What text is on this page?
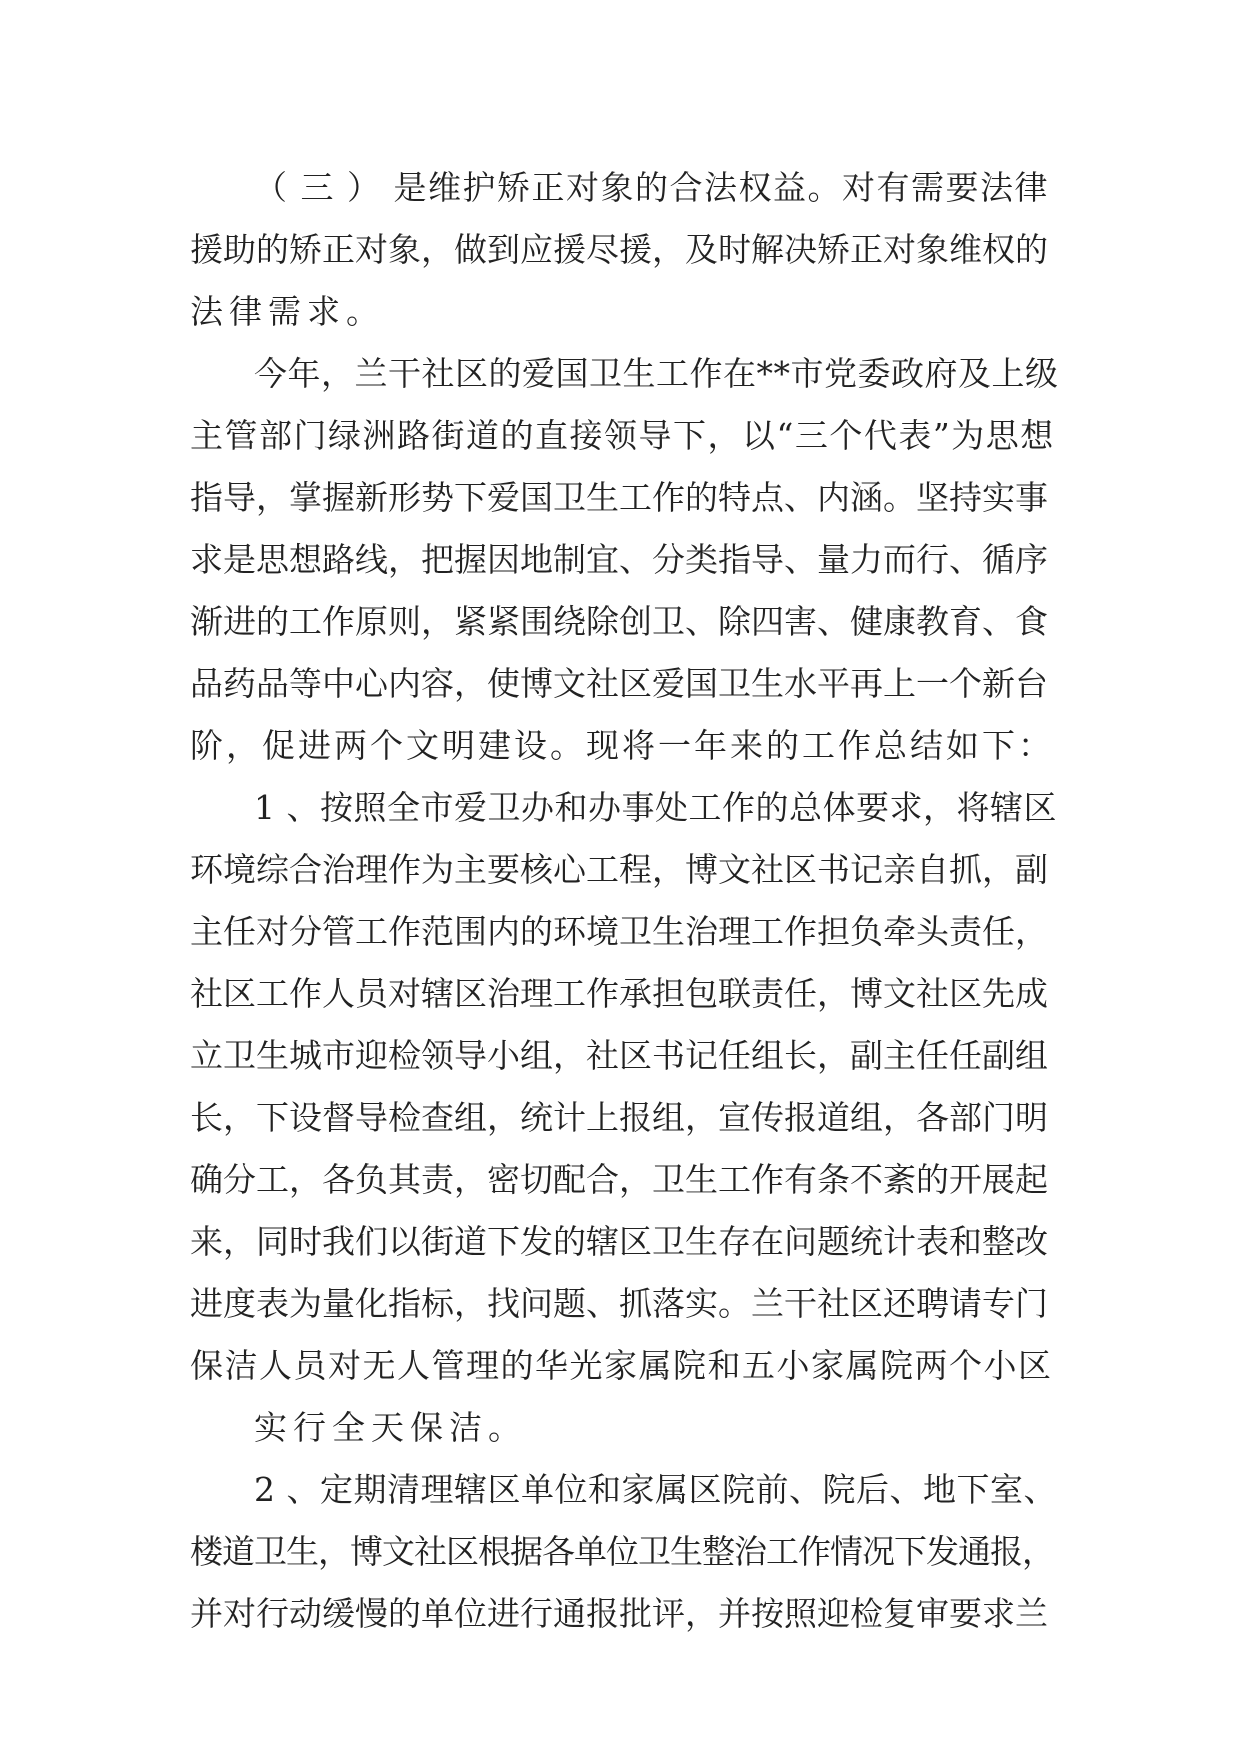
（ 三 ） 是维护矫正对象的合法权益。对有需要法律
援助的矫正对象，做到应援尽援，及时解决矫正对象维权的
法律需求。
今年，兰干社区的爱国卫生工作在**市党委政府及上级
主管部门绿洲路街道的直接领导下，以“三个代表”为思想
指导，掌握新形势下爱国卫生工作的特点、内涵。坚持实事
求是思想路线，把握因地制宜、分类指导、量力而行、循序
渐进的工作原则，紧紧围绕除创卫、除四害、健康教育、食
品药品等中心内容，使博文社区爱国卫生水平再上一个新台
阶，促进两个文明建设。现将一年来的工作总结如下：
1 、按照全市爱卫办和办事处工作的总体要求，将辖区
环境综合治理作为主要核心工程，博文社区书记亲自抓，副
主任对分管工作范围内的环境卫生治理工作担负牵头责任，
社区工作人员对辖区治理工作承担包联责任，博文社区先成
立卫生城市迎检领导小组，社区书记任组长，副主任任副组
长，下设督导检查组，统计上报组，宣传报道组，各部门明
确分工，各负其责，密切配合，卫生工作有条不紊的开展起
来，同时我们以街道下发的辖区卫生存在问题统计表和整改
进度表为量化指标，找问题、抓落实。兰干社区还聘请专门
保洁人员对无人管理的华光家属院和五小家属院两个小区
实行全天保洁。
2 、定期清理辖区单位和家属区院前、院后、地下室、
楼道卫生，博文社区根据各单位卫生整治工作情况下发通报，
并对行动缓慢的单位进行通报批评，并按照迎检复审要求兰
